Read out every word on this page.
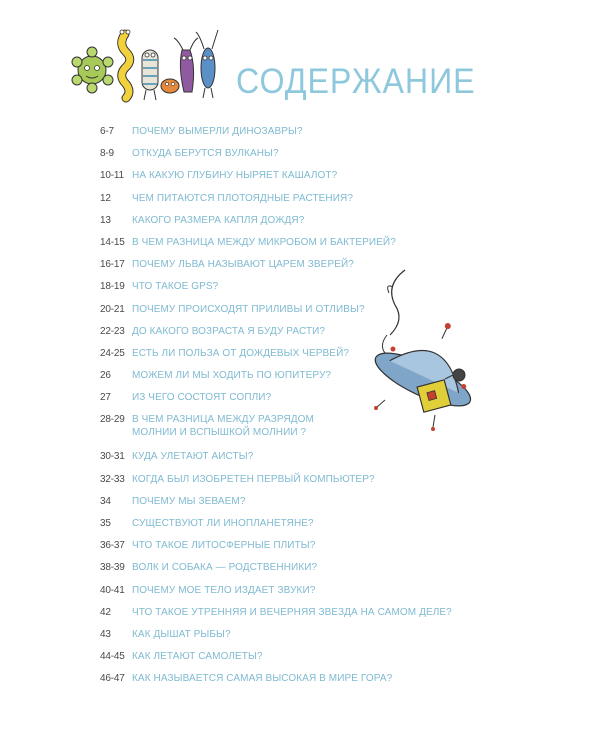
СОДЕРЖАНИЕ
6-7 ПОЧЕМУ ВЫМЕРЛИ ДИНОЗАВРЫ?
8-9 ОТКУДА БЕРУТСЯ ВУЛКАНЫ?
10-11 НА КАКУЮ ГЛУБИНУ НЫРЯЕТ КАШАЛОТ?
12 ЧЕМ ПИТАЮТСЯ ПЛОТОЯДНЫЕ РАСТЕНИЯ?
13 КАКОГО РАЗМЕРА КАПЛЯ ДОЖДЯ?
14-15 В ЧЕМ РАЗНИЦА МЕЖДУ МИКРОБОМ И БАКТЕРИЕЙ?
16-17 ПОЧЕМУ ЛЬВА НАЗЫВАЮТ ЦАРЕМ ЗВЕРЕЙ?
18-19 ЧТО ТАКОЕ GPS?
20-21 ПОЧЕМУ ПРОИСХОДЯТ ПРИЛИВЫ И ОТЛИВЫ?
22-23 ДО КАКОГО ВОЗРАСТА Я БУДУ РАСТИ?
24-25 ЕСТЬ ЛИ ПОЛЬЗА ОТ ДОЖДЕВЫХ ЧЕРВЕЙ?
26 МОЖЕМ ЛИ МЫ ХОДИТЬ ПО ЮПИТЕРУ?
27 ИЗ ЧЕГО СОСТОЯТ СОПЛИ?
28-29 В ЧЕМ РАЗНИЦА МЕЖДУ РАЗРЯДОМ МОЛНИИ И ВСПЫШКОЙ МОЛНИИ ?
30-31 КУДА УЛЕТАЮТ АИСТЫ?
32-33 КОГДА БЫЛ ИЗОБРЕТЕН ПЕРВЫЙ КОМПЬЮТЕР?
34 ПОЧЕМУ МЫ ЗЕВАЕМ?
35 СУЩЕСТВУЮТ ЛИ ИНОПЛАНЕТЯНЕ?
36-37 ЧТО ТАКОЕ ЛИТОСФЕРНЫЕ ПЛИТЫ?
38-39 ВОЛК И СОБАКА — РОДСТВЕННИКИ?
40-41 ПОЧЕМУ МОЕ ТЕЛО ИЗДАЕТ ЗВУКИ?
42 ЧТО ТАКОЕ УТРЕННЯЯ И ВЕЧЕРНЯЯ ЗВЕЗДА НА САМОМ ДЕЛЕ?
43 КАК ДЫШАТ РЫБЫ?
44-45 КАК ЛЕТАЮТ САМОЛЕТЫ?
46-47 КАК НАЗЫВАЕТСЯ САМАЯ ВЫСОКАЯ В МИРЕ ГОРА?
